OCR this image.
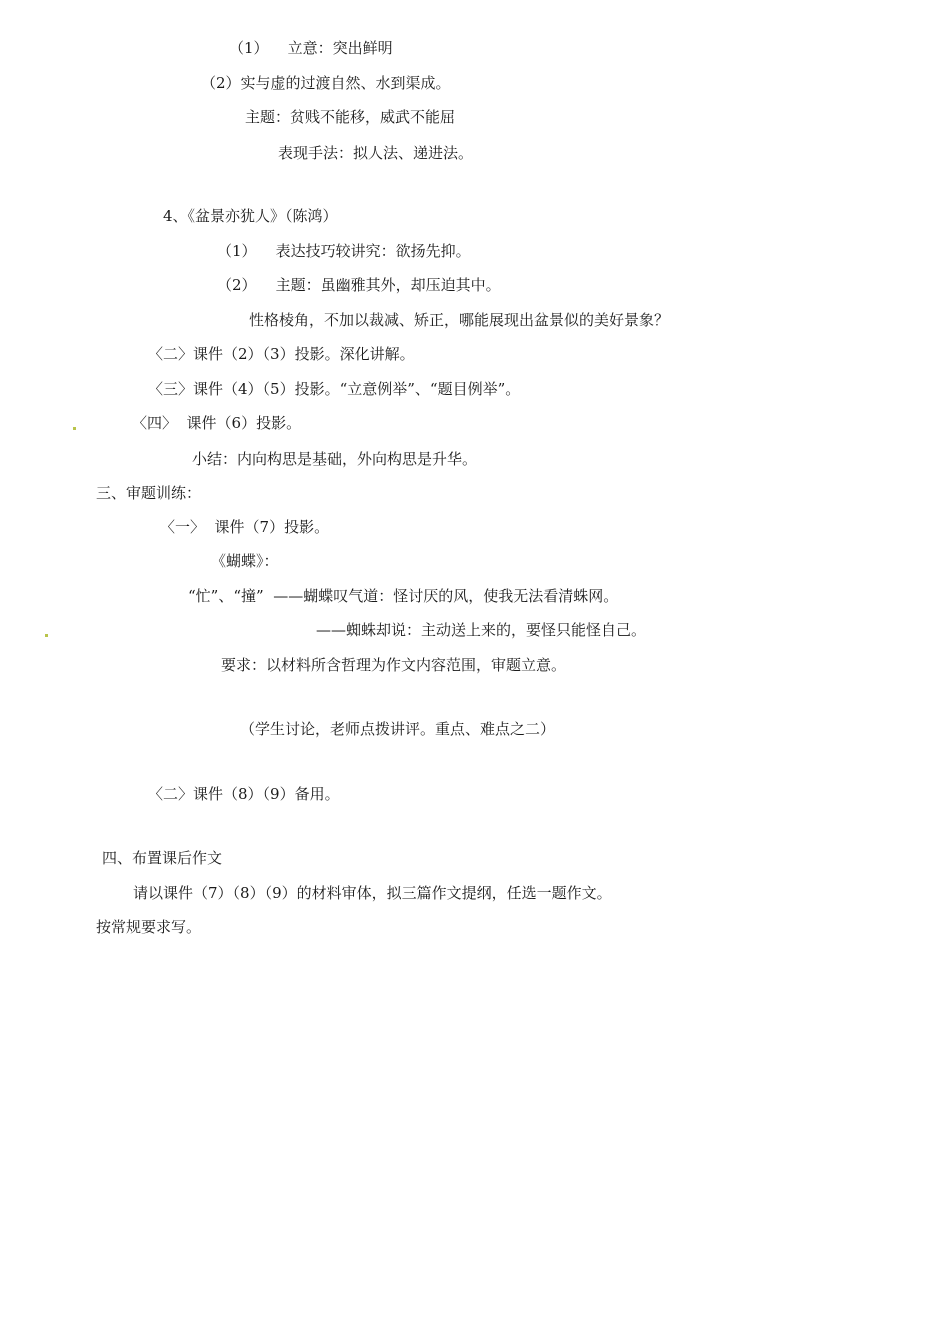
（1）    立意：突出鲜明
（2）实与虚的过渡自然、水到渠成。
主题：贫贱不能移，威武不能屈
表现手法：拟人法、递进法。
4、《盆景亦犹人》（陈鸿）
（1）    表达技巧较讲究：欲扬先抑。
（2）    主题：虽幽雅其外，却压迫其中。
性格棱角，不加以裁减、矫正，哪能展现出盆景似的美好景象？
〈二〉课件（2）（3）投影。深化讲解。
〈三〉课件（4）（5）投影。“立意例举”、“题目例举”。
〈四〉  课件（6）投影。
小结：内向构思是基础，外向构思是升华。
三、审题训练：
〈一〉  课件（7）投影。
《蝴蝶》：
“忙”、“撞”  ——蝴蝶叹气道：怪讨厌的风，使我无法看清蛛网。
——蜘蛛却说：主动送上来的，要怪只能怪自己。
要求：以材料所含哲理为作文内容范围，审题立意。
（学生讨论，老师点拨讲评。重点、难点之二）
〈二〉课件（8）（9）备用。
四、布置课后作文
请以课件（7）（8）（9）的材料审体，拟三篇作文提纲，任选一题作文。
按常规要求写。
